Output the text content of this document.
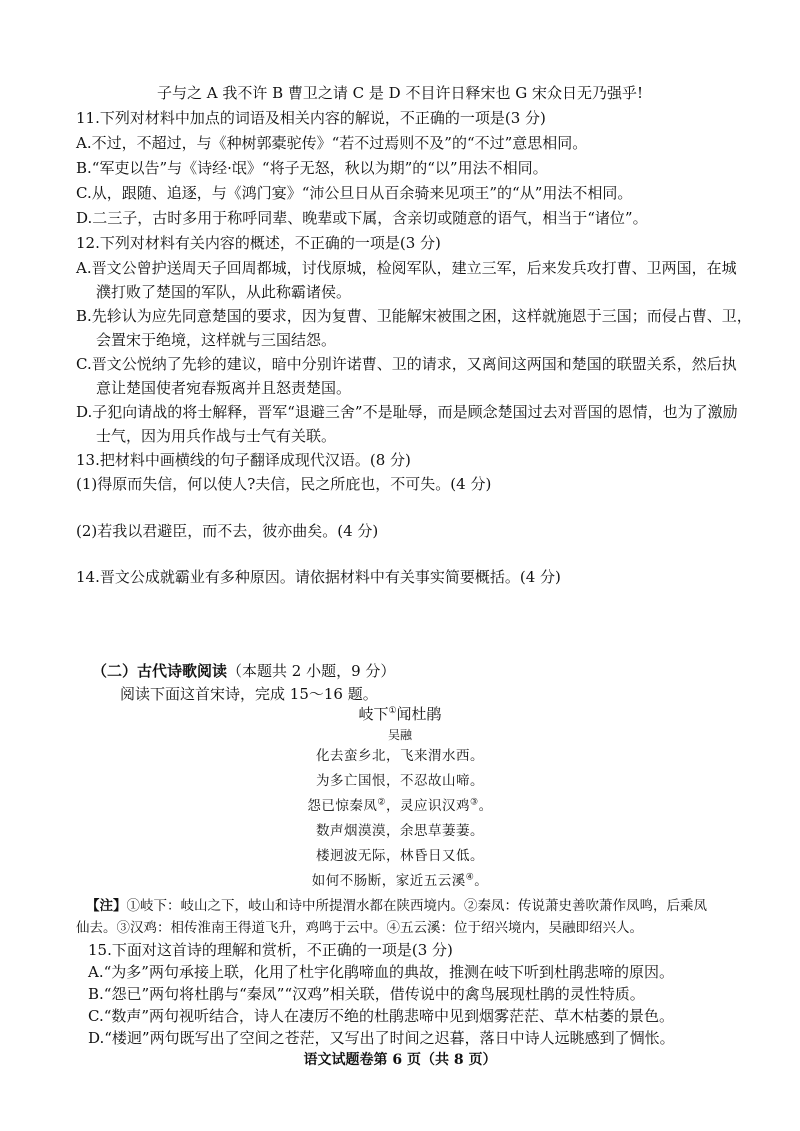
子与之 A 我不许 B 曹卫之请 C 是 D 不目许日释宋也 G 宋众日无乃强乎!
11.下列对材料中加点的词语及相关内容的解说，不正确的一项是(3 分)
A.不过，不超过，与《种树郭橐驼传》“若不过焉则不及”的“不过”意思相同。
B.“军吏以告”与《诗经·氓》“将子无怒，秋以为期”的“以”用法不相同。
C.从，跟随、追逐，与《鸿门宴》“沛公旦日从百余骑来见项王”的“从”用法不相同。
D.二三子，古时多用于称呼同辈、晚辈或下属，含亲切或随意的语气，相当于“诸位”。
12.下列对材料有关内容的概述，不正确的一项是(3 分)
A.晋文公曾护送周天子回周都城，讨伐原城，检阅军队，建立三军，后来发兵攻打曹、卫两国，在城
濮打败了楚国的军队，从此称霸诸侯。
B.先轸认为应先同意楚国的要求，因为复曹、卫能解宋被围之困，这样就施恩于三国；而侵占曹、卫，
会置宋于绝境，这样就与三国结怨。
C.晋文公悦纳了先轸的建议，暗中分别许诺曹、卫的请求，又离间这两国和楚国的联盟关系，然后执
意让楚国使者宛春叛离并且怒责楚国。
D.子犯向请战的将士解释，晋军“退避三舍”不是耻辱，而是顾念楚国过去对晋国的恩情，也为了激励
士气，因为用兵作战与士气有关联。
13.把材料中画横线的句子翻译成现代汉语。(8 分)
(1)得原而失信，何以使人?夫信，民之所庇也，不可失。(4 分)
(2)若我以君避臣，而不去，彼亦曲矣。(4 分)
14.晋文公成就霸业有多种原因。请依据材料中有关事实简要概括。(4 分)
（二）古代诗歌阅读（本题共 2 小题，9 分）
阅读下面这首宋诗，完成 15～16 题。
岐下①闻杜鹃
吴融
化去蛮乡北，飞来渭水西。
为多亡国恨，不忍故山啼。
怨已惊秦凤②，灵应识汉鸡③。
数声烟漠漠，余思草萋萋。
楼迥波无际，林昏日又低。
如何不肠断，家近五云溪④。
【注】①岐下：岐山之下，岐山和诗中所提渭水都在陕西境内。②秦凤：传说萧史善吹萧作凤鸣，后乘凤
仙去。③汉鸡：相传淮南王得道飞升，鸡鸣于云中。④五云溪：位于绍兴境内，吴融即绍兴人。
15.下面对这首诗的理解和赏析，不正确的一项是(3 分)
A.“为多”两句承接上联，化用了杜宇化鹃啼血的典故，推测在岐下听到杜鹃悲啼的原因。
B.“怨已”两句将杜鹃与“秦凤”“汉鸡”相关联，借传说中的禽鸟展现杜鹃的灵性特质。
C.“数声”两句视听结合，诗人在凄厉不绝的杜鹃悲啼中见到烟雾茫茫、草木枯萎的景色。
D.“楼迥”两句既写出了空间之苍茫，又写出了时间之迟暮，落日中诗人远眺感到了惆怅。
语文试题卷第 6 页（共 8 页）
